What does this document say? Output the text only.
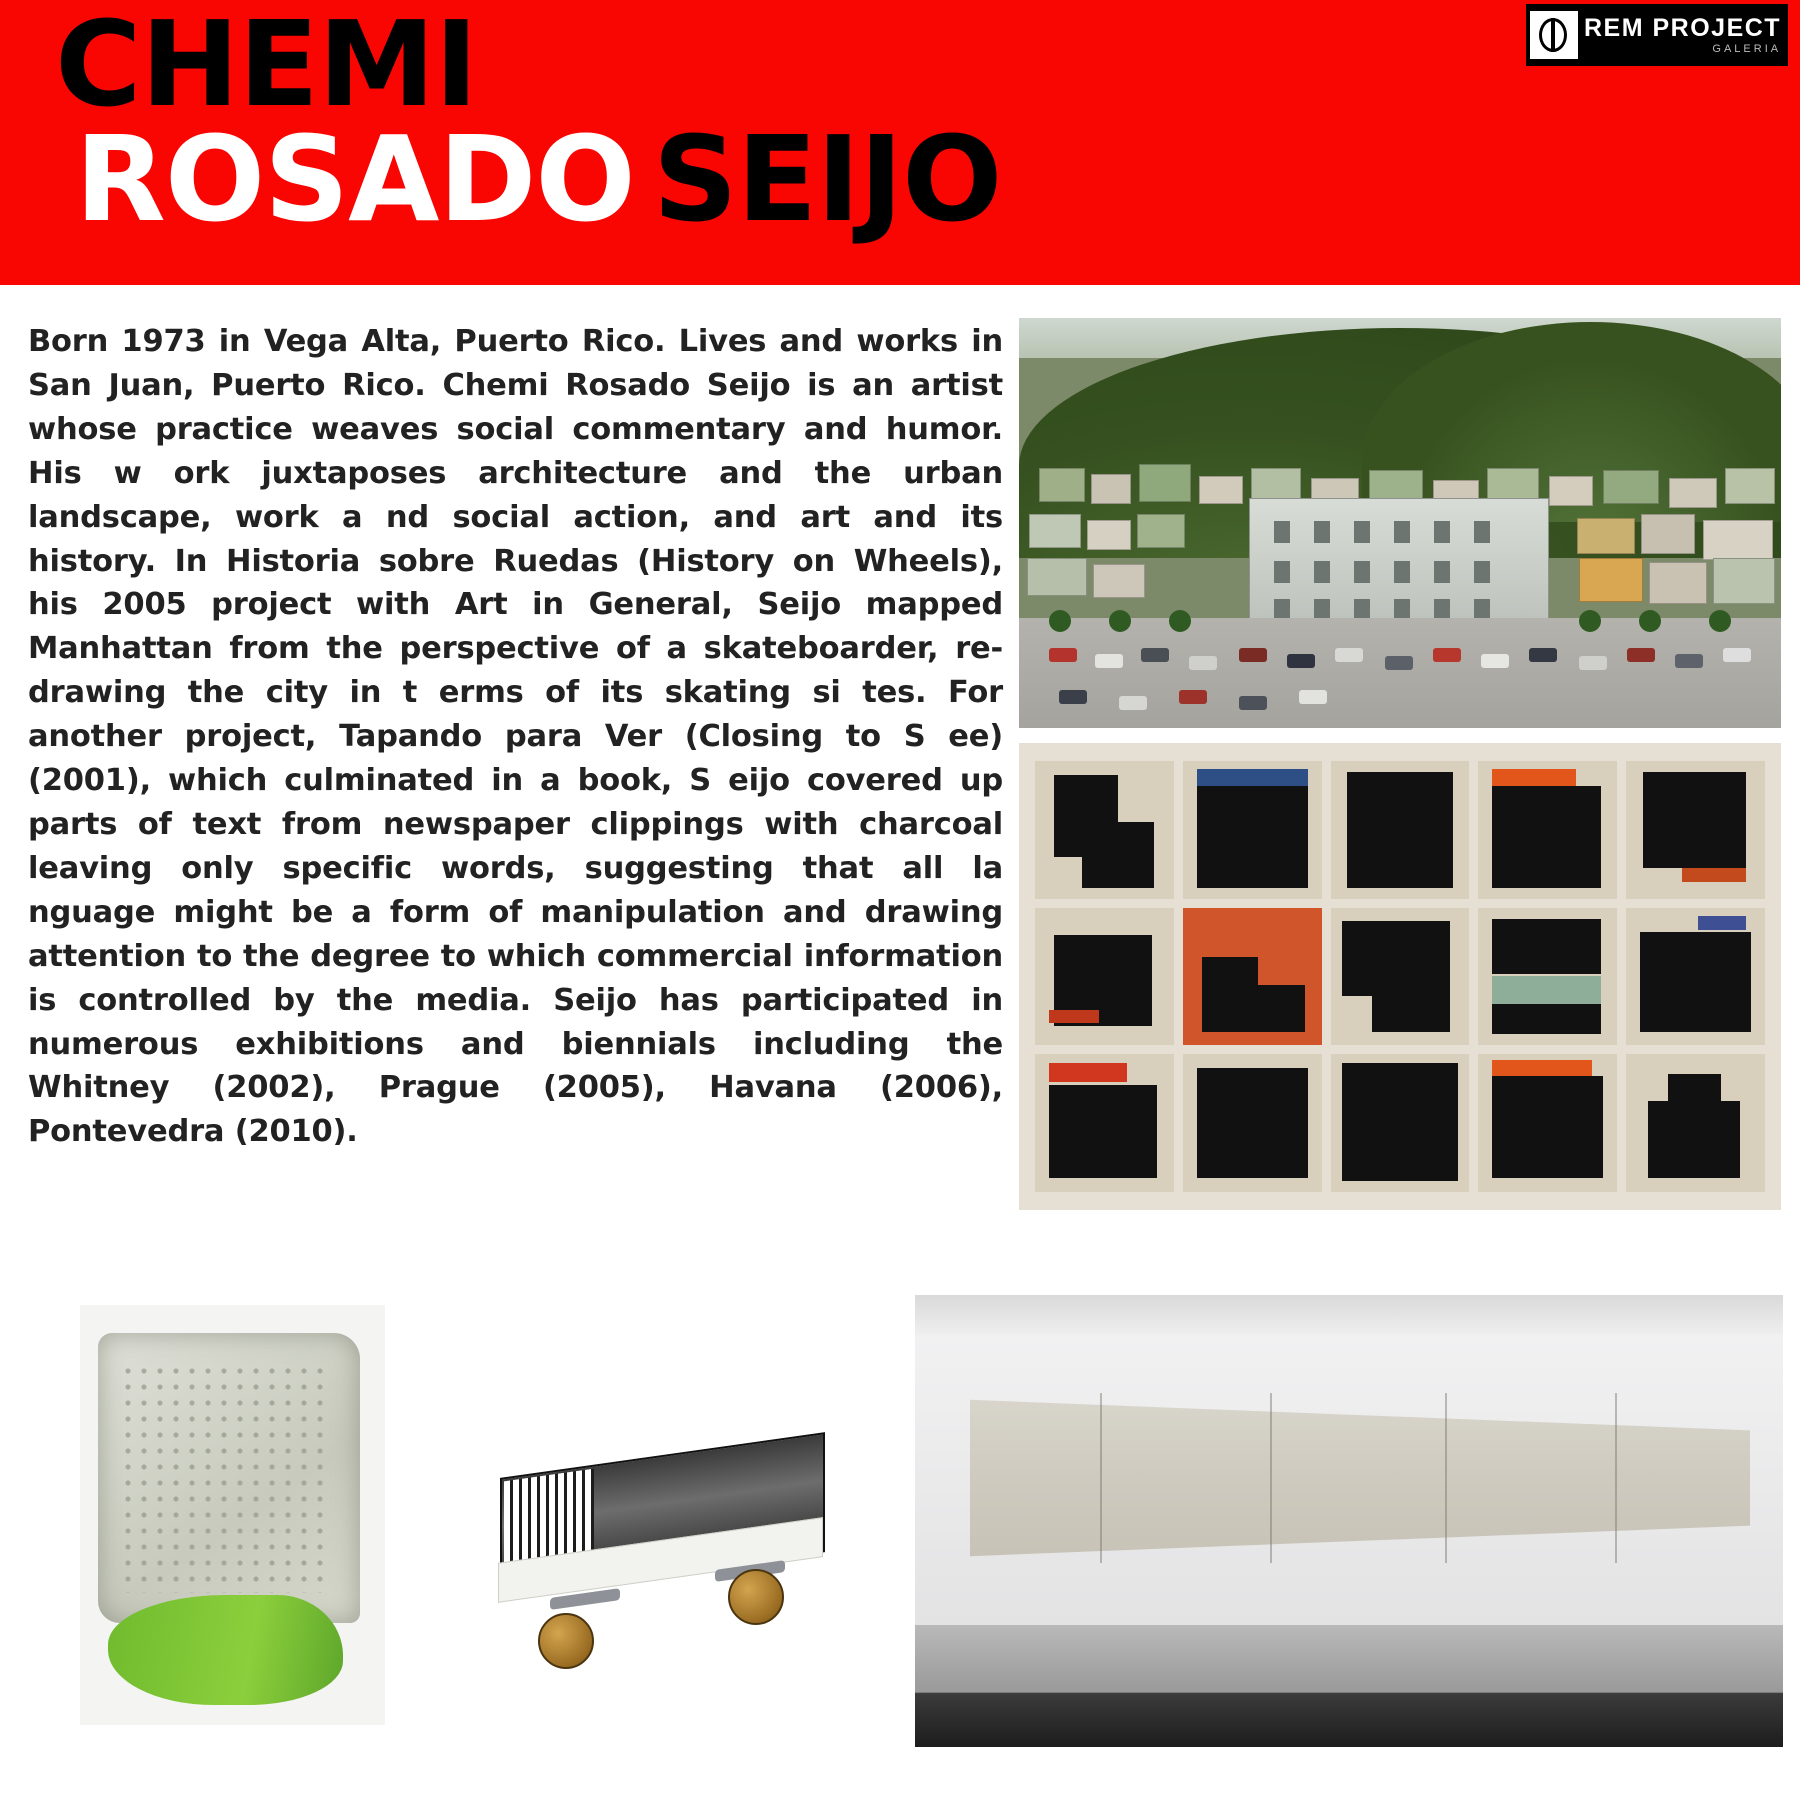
CHEMI
ROSADO SEIJO
REM PROJECT
GALERIA
Born 1973 in Vega Alta, Puerto Rico. Lives and works in San Juan, Puerto Rico. Chemi Rosado Seijo is an artist whose practice weaves social commentary and humor. His w ork juxtaposes architecture and the urban landscape, work a nd social action, and art and its history. In Historia sobre Ruedas (History on Wheels), his 2005 project with Art in General, Seijo mapped Manhattan from the perspective of a skateboarder, re-drawing the city in t erms of its skating si tes. For another project, Tapando para Ver (Closing to S ee) (2001), which culminated in a book, S eijo covered up parts of text from newspaper clippings with charcoal leaving only specific words, suggesting that all la nguage might be a form of manipulation and drawing attention to the degree to which commercial information is controlled by the media. Seijo has participated in numerous exhibitions and biennials including the Whitney (2002), Prague (2005), Havana (2006), Pontevedra (2010).
